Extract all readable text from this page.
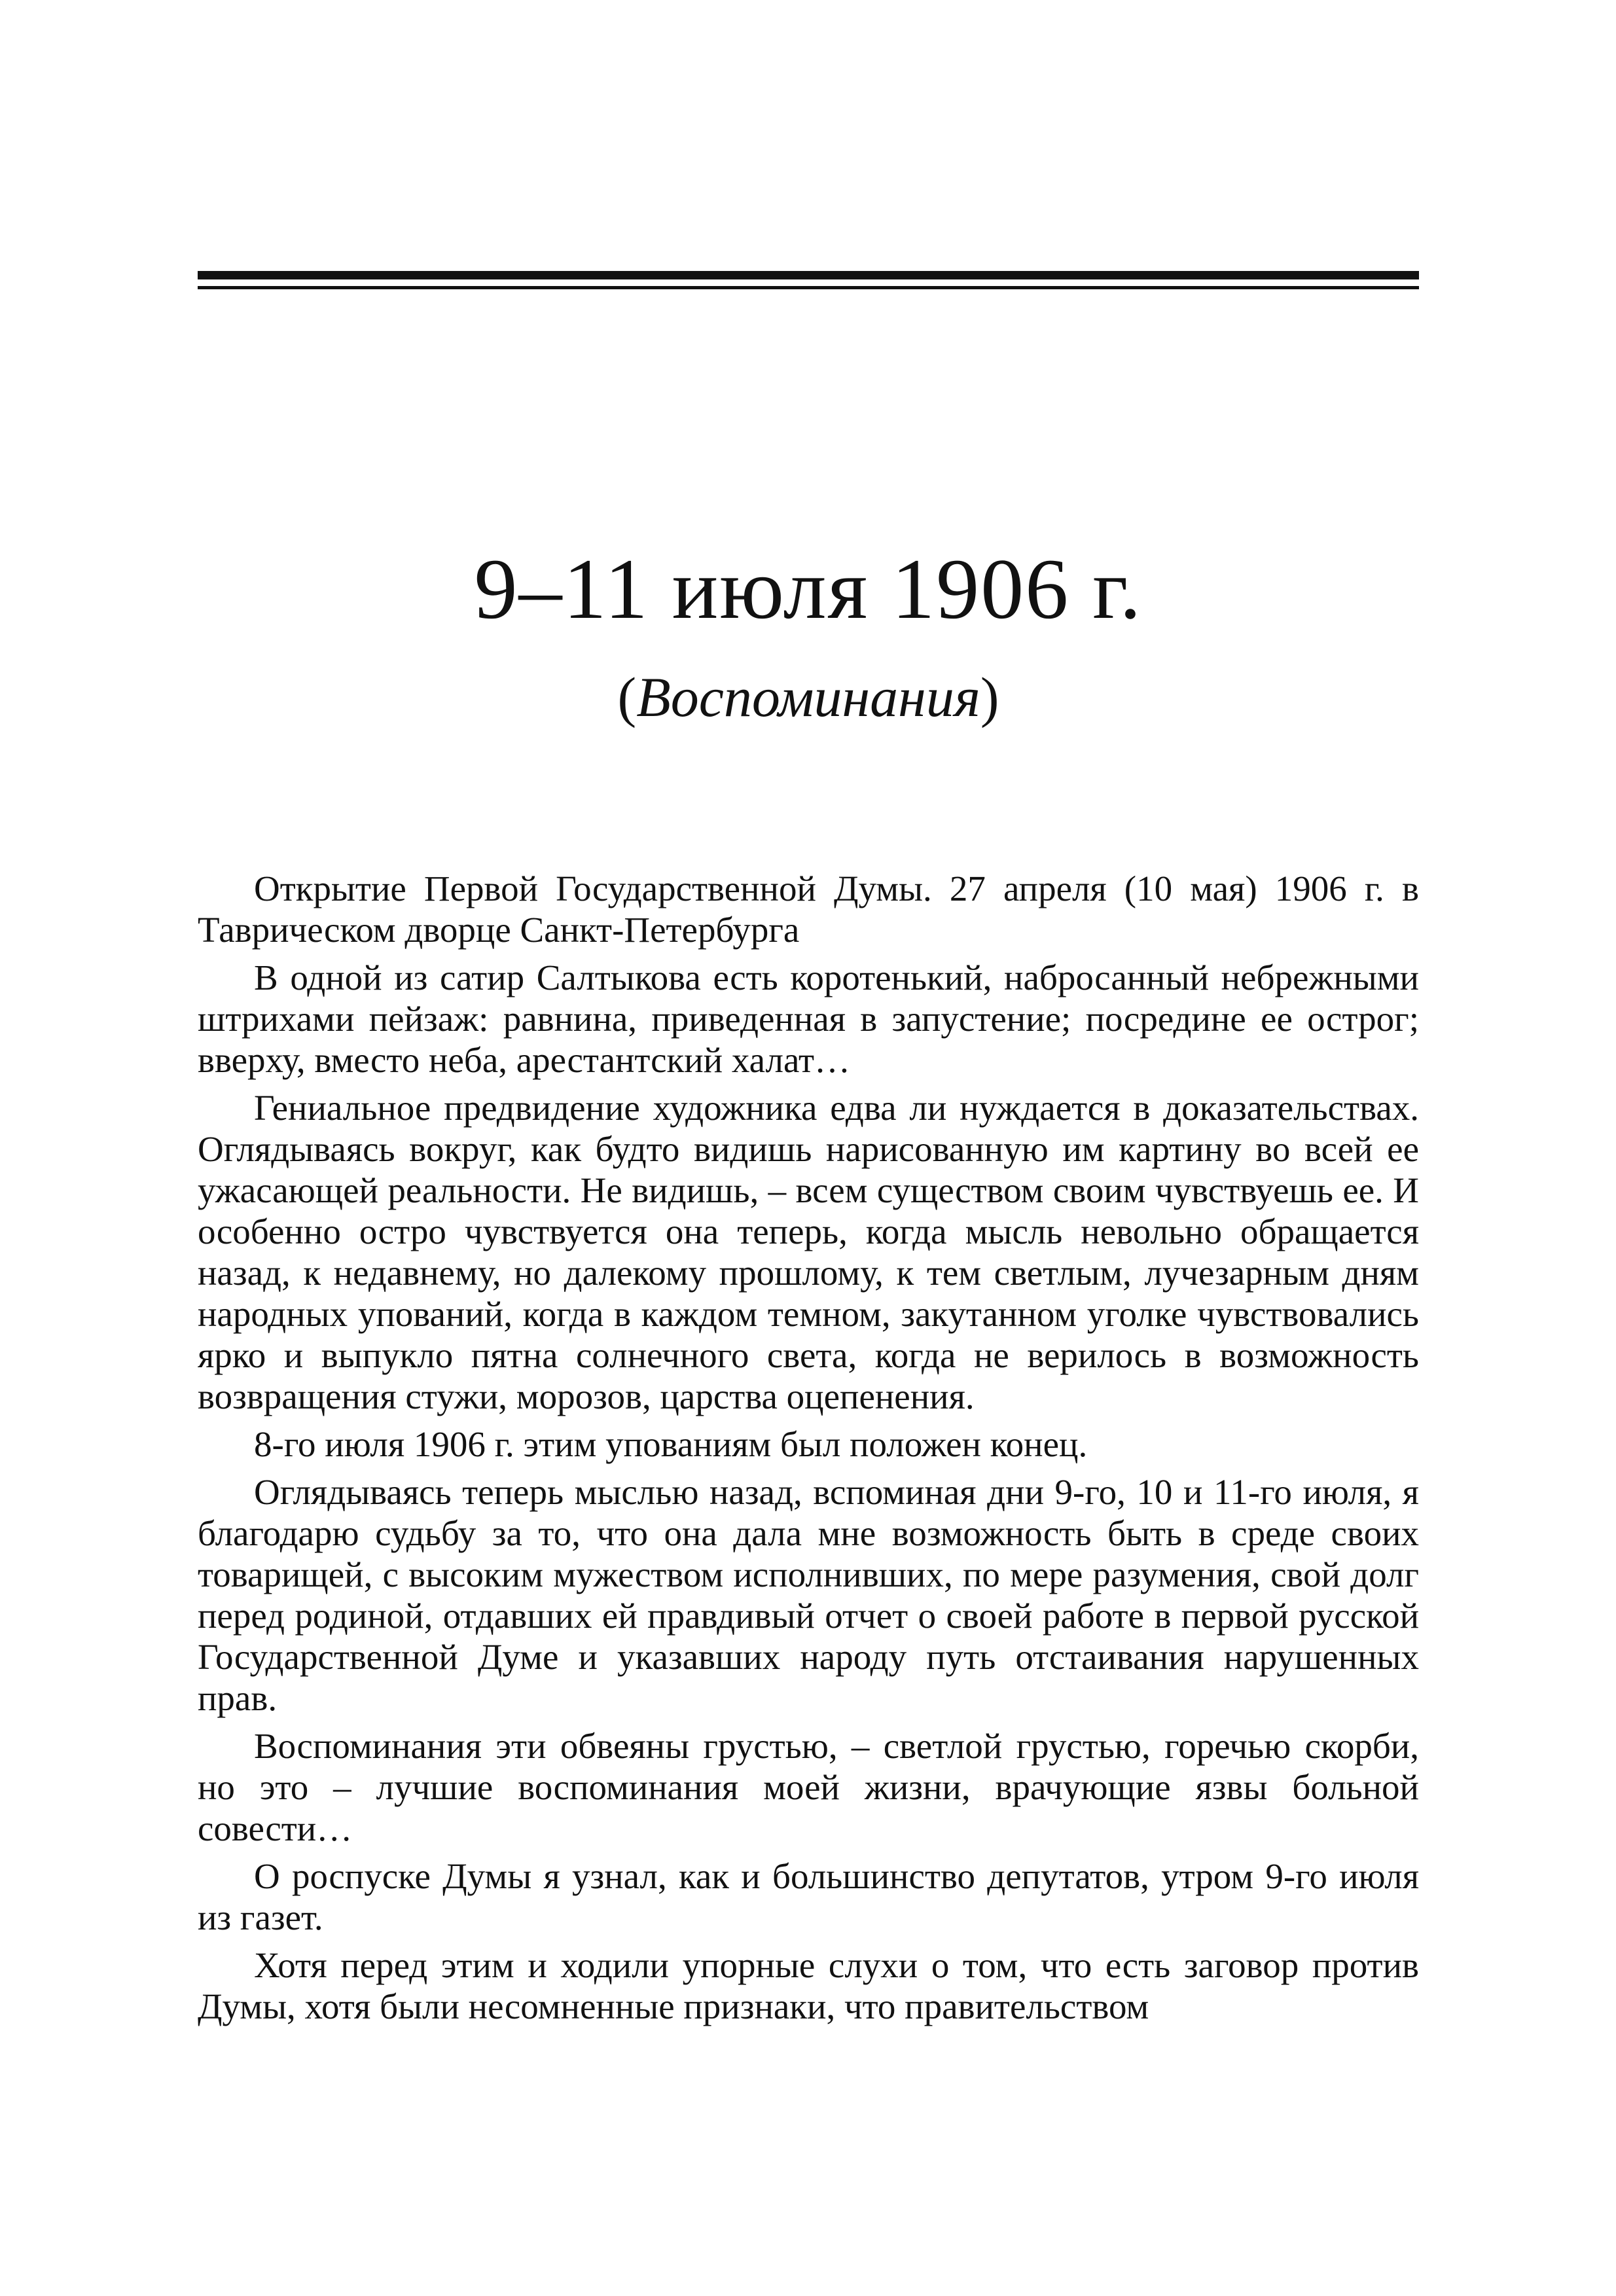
9–11 июля 1906 г.
(Воспоминания)

Открытие Первой Государственной Думы. 27 апреля (10 мая) 1906 г. в Таврическом дворце Санкт-Петербурга

В одной из сатир Салтыкова есть коротенький, набросанный небрежными штрихами пейзаж: равнина, приведенная в запустение; посредине ее острог; вверху, вместо неба, арестантский халат…

Гениальное предвидение художника едва ли нуждается в доказательствах. Оглядываясь вокруг, как будто видишь нарисованную им картину во всей ее ужасающей реальности. Не видишь, – всем существом своим чувствуешь ее. И особенно остро чувствуется она теперь, когда мысль невольно обращается назад, к недавнему, но далекому прошлому, к тем светлым, лучезарным дням народных упований, когда в каждом темном, закутанном уголке чувствовались ярко и выпукло пятна солнечного света, когда не верилось в возможность возвращения стужи, морозов, царства оцепенения.

8-го июля 1906 г. этим упованиям был положен конец.

Оглядываясь теперь мыслью назад, вспоминая дни 9-го, 10 и 11-го июля, я благодарю судьбу за то, что она дала мне возможность быть в среде своих товарищей, с высоким мужеством исполнивших, по мере разумения, свой долг перед родиной, отдавших ей правдивый отчет о своей работе в первой русской Государственной Думе и указавших народу путь отстаивания нарушенных прав.

Воспоминания эти обвеяны грустью, – светлой грустью, горечью скорби, но это – лучшие воспоминания моей жизни, врачующие язвы больной совести…

О роспуске Думы я узнал, как и большинство депутатов, утром 9-го июля из газет.

Хотя перед этим и ходили упорные слухи о том, что есть заговор против Думы, хотя были несомненные признаки, что правительством
